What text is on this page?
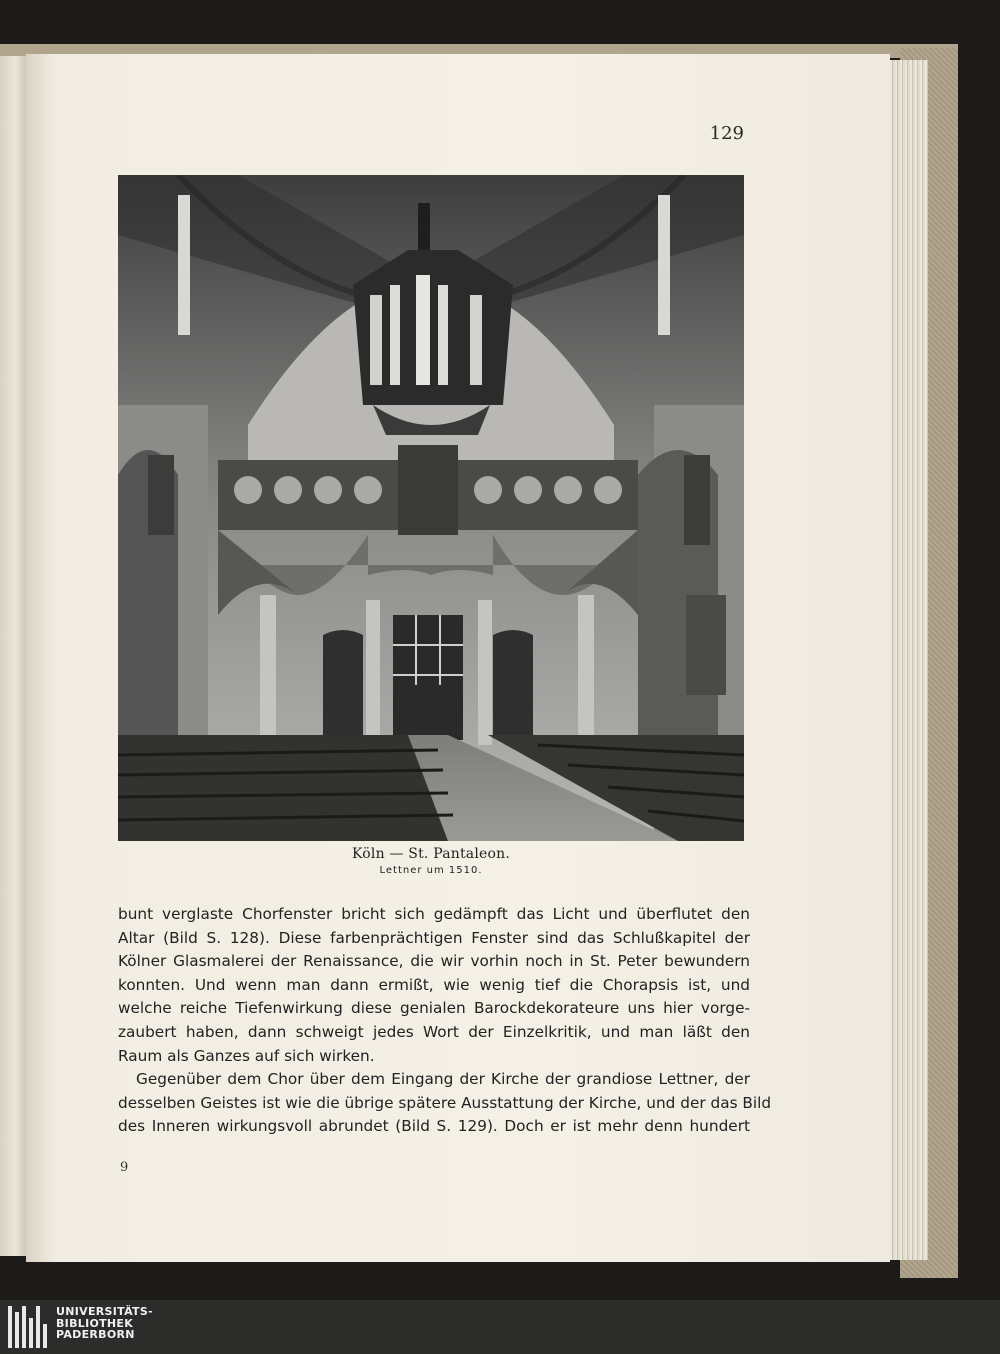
129
Köln — St. Pantaleon.
Lettner um 1510.
bunt verglaste Chorfenster bricht sich gedämpft das Licht und überflutet den
Altar (Bild S. 128). Diese farbenprächtigen Fenster sind das Schlußkapitel der
Kölner Glasmalerei der Renaissance, die wir vorhin noch in St. Peter bewundern
konnten. Und wenn man dann ermißt, wie wenig tief die Chorapsis ist, und
welche reiche Tiefenwirkung diese genialen Barockdekorateure uns hier vorge-
zaubert haben, dann schweigt jedes Wort der Einzelkritik, und man läßt den
Raum als Ganzes auf sich wirken.
Gegenüber dem Chor über dem Eingang der Kirche der grandiose Lettner, der
desselben Geistes ist wie die übrige spätere Ausstattung der Kirche, und der das Bild
des Inneren wirkungsvoll abrundet (Bild S. 129). Doch er ist mehr denn hundert
9
UNIVERSITÄTS-
BIBLIOTHEK
PADERBORN
